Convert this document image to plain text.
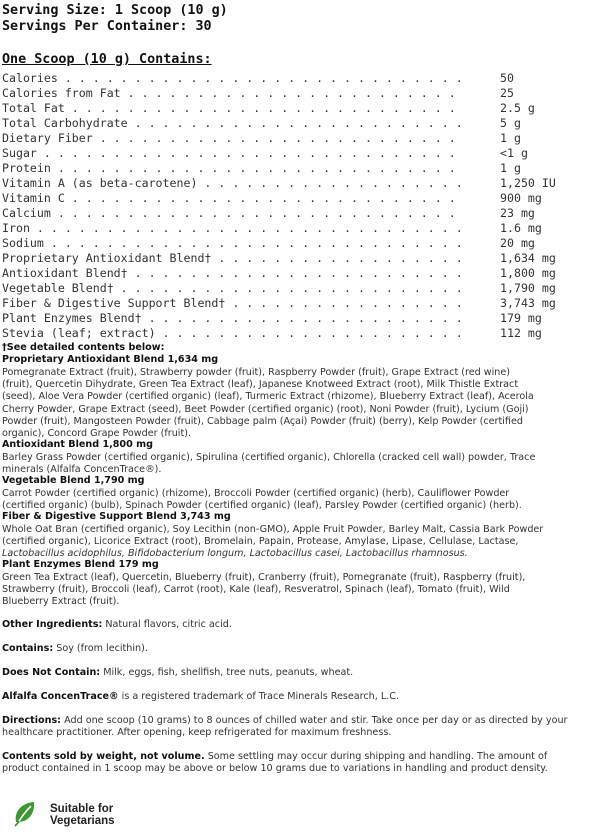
Serving Size: 1 Scoop (10 g)
Servings Per Container: 30
One Scoop (10 g) Contains:
Calories . . . . . . . . . . . . . . . . . . . . . . . . . . . . .	50
Calories from Fat . . . . . . . . . . . . . . . . . . . . . . . .	25
Total Fat . . . . . . . . . . . . . . . . . . . . . . . . . . . .	2.5 g
Total Carbohydrate . . . . . . . . . . . . . . . . . . . . . . . .	5 g
Dietary Fiber . . . . . . . . . . . . . . . . . . . . . . . . . .	1 g
Sugar . . . . . . . . . . . . . . . . . . . . . . . . . . . . . .	<1 g
Protein . . . . . . . . . . . . . . . . . . . . . . . . . . . . .	1 g
Vitamin A (as beta-carotene) . . . . . . . . . . . . . . . . . . .	1,250 IU
Vitamin C . . . . . . . . . . . . . . . . . . . . . . . . . . . .	900 mg
Calcium . . . . . . . . . . . . . . . . . . . . . . . . . . . . .	23 mg
Iron . . . . . . . . . . . . . . . . . . . . . . . . . . . . . . .	1.6 mg
Sodium . . . . . . . . . . . . . . . . . . . . . . . . . . . . . .	20 mg
Proprietary Antioxidant Blend† . . . . . . . . . . . . . . . . . .	1,634 mg
Antioxidant Blend† . . . . . . . . . . . . . . . . . . . . . . . .	1,800 mg
Vegetable Blend† . . . . . . . . . . . . . . . . . . . . . . . . .	1,790 mg
Fiber & Digestive Support Blend† . . . . . . . . . . . . . . . . .	3,743 mg
Plant Enzymes Blend† . . . . . . . . . . . . . . . . . . . . . . .	179 mg
Stevia (leaf; extract) . . . . . . . . . . . . . . . . . . . . . .	112 mg
†See detailed contents below:
Proprietary Antioxidant Blend 1,634 mg
Pomegranate Extract (fruit), Strawberry powder (fruit), Raspberry Powder (fruit), Grape Extract (red wine)
(fruit), Quercetin Dihydrate, Green Tea Extract (leaf), Japanese Knotweed Extract (root), Milk Thistle Extract
(seed), Aloe Vera Powder (certified organic) (leaf), Turmeric Extract (rhizome), Blueberry Extract (leaf), Acerola
Cherry Powder, Grape Extract (seed), Beet Powder (certified organic) (root), Noni Powder (fruit), Lycium (Goji)
Powder (fruit), Mangosteen Powder (fruit), Cabbage palm (Açai) Powder (fruit) (berry), Kelp Powder (certified
organic), Concord Grape Powder (fruit).
Antioxidant Blend 1,800 mg
Barley Grass Powder (certified organic), Spirulina (certified organic), Chlorella (cracked cell wall) powder, Trace
minerals (Alfalfa ConcenTrace®).
Vegetable Blend 1,790 mg
Carrot Powder (certified organic) (rhizome), Broccoli Powder (certified organic) (herb), Cauliflower Powder
(certified organic) (bulb), Spinach Powder (certified organic) (leaf), Parsley Powder (certified organic) (herb).
Fiber & Digestive Support Blend 3,743 mg
Whole Oat Bran (certified organic), Soy Lecithin (non-GMO), Apple Fruit Powder, Barley Malt, Cassia Bark Powder
(certified organic), Licorice Extract (root), Bromelain, Papain, Protease, Amylase, Lipase, Cellulase, Lactase,
Lactobacillus acidophilus, Bifidobacterium longum, Lactobacillus casei, Lactobacillus rhamnosus.
Plant Enzymes Blend 179 mg
Green Tea Extract (leaf), Quercetin, Blueberry (fruit), Cranberry (fruit), Pomegranate (fruit), Raspberry (fruit),
Strawberry (fruit), Broccoli (leaf), Carrot (root), Kale (leaf), Resveratrol, Spinach (leaf), Tomato (fruit), Wild
Blueberry Extract (fruit).
Other Ingredients: Natural flavors, citric acid.
Contains: Soy (from lecithin).
Does Not Contain: Milk, eggs, fish, shellfish, tree nuts, peanuts, wheat.
Alfalfa ConcenTrace® is a registered trademark of Trace Minerals Research, L.C.
Directions: Add one scoop (10 grams) to 8 ounces of chilled water and stir. Take once per day or as directed by your healthcare practitioner. After opening, keep refrigerated for maximum freshness.
Contents sold by weight, not volume. Some settling may occur during shipping and handling. The amount of product contained in 1 scoop may be above or below 10 grams due to variations in handling and product density.
Suitable for
Vegetarians
